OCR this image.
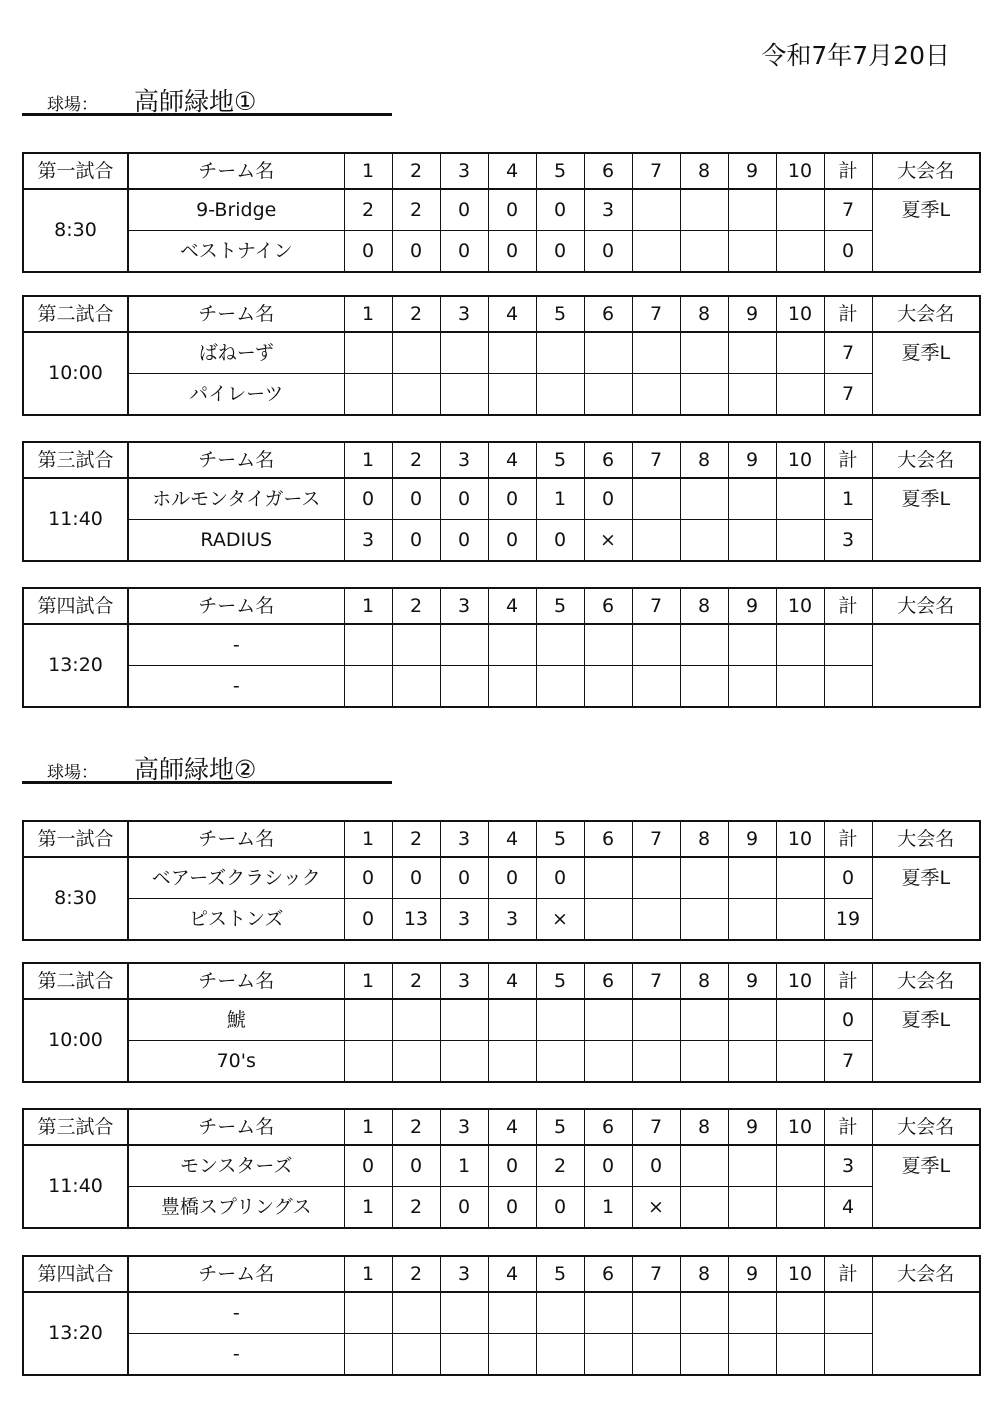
令和7年7月20日
球場： 高師緑地①
第一試合	チーム名	1	2	3	4	5	6	7	8	9	10	計	大会名
8:30	9-Bridge	2	2	0	0	0	3					7	夏季L
	ベストナイン	0	0	0	0	0	0					0	
第二試合	チーム名	1	2	3	4	5	6	7	8	9	10	計	大会名
10:00	ばねーず											7	夏季L
	パイレーツ											7	
第三試合	チーム名	1	2	3	4	5	6	7	8	9	10	計	大会名
11:40	ホルモンタイガース	0	0	0	0	1	0					1	夏季L
	RADIUS	3	0	0	0	0	×					3	
第四試合	チーム名	1	2	3	4	5	6	7	8	9	10	計	大会名
13:20	-												
	-												
球場： 高師緑地②
第一試合	チーム名	1	2	3	4	5	6	7	8	9	10	計	大会名
8:30	ベアーズクラシック	0	0	0	0	0						0	夏季L
	ピストンズ	0	13	3	3	×						19	
第二試合	チーム名	1	2	3	4	5	6	7	8	9	10	計	大会名
10:00	鯱											0	夏季L
	70's											7	
第三試合	チーム名	1	2	3	4	5	6	7	8	9	10	計	大会名
11:40	モンスターズ	0	0	1	0	2	0	0				3	夏季L
	豊橋スプリングス	1	2	0	0	0	1	×				4	
第四試合	チーム名	1	2	3	4	5	6	7	8	9	10	計	大会名
13:20	-												
	-												
